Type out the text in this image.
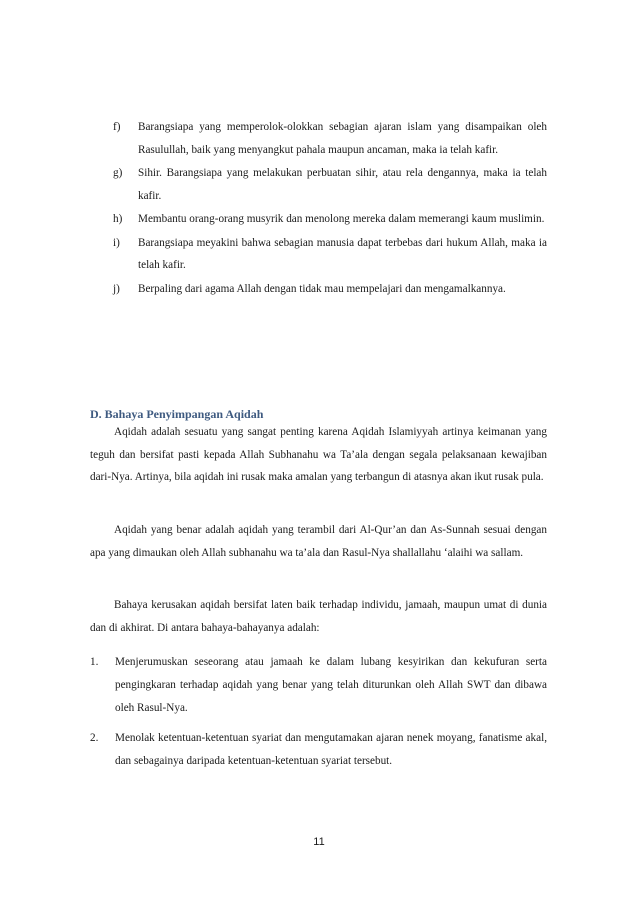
f)	Barangsiapa yang memperolok-olokkan sebagian ajaran islam yang disampaikan oleh Rasulullah, baik yang menyangkut pahala maupun ancaman, maka ia telah kafir.
g)	Sihir. Barangsiapa yang melakukan perbuatan sihir, atau rela dengannya, maka ia telah kafir.
h)	Membantu orang-orang musyrik dan menolong mereka dalam memerangi kaum muslimin.
i)	Barangsiapa meyakini bahwa sebagian manusia dapat terbebas dari hukum Allah, maka ia telah kafir.
j)	Berpaling dari agama Allah dengan tidak mau mempelajari dan mengamalkannya.
D. Bahaya Penyimpangan Aqidah
Aqidah adalah sesuatu yang sangat penting karena Aqidah Islamiyyah artinya keimanan yang teguh dan bersifat pasti kepada Allah Subhanahu wa Ta’ala dengan segala pelaksanaan kewajiban dari-Nya. Artinya, bila aqidah ini rusak maka amalan yang terbangun di atasnya akan ikut rusak pula.
Aqidah yang benar adalah aqidah yang terambil dari Al-Qur’an dan As-Sunnah sesuai dengan apa yang dimaukan oleh Allah subhanahu wa ta’ala dan Rasul-Nya shallallahu ‘alaihi wa sallam.
Bahaya kerusakan aqidah bersifat laten baik terhadap individu, jamaah, maupun umat di dunia dan di akhirat. Di antara bahaya-bahayanya adalah:
1. Menjerumuskan seseorang atau jamaah ke dalam lubang kesyirikan dan kekufuran serta pengingkaran terhadap aqidah yang benar yang telah diturunkan oleh Allah SWT dan dibawa oleh Rasul-Nya.
2. Menolak ketentuan-ketentuan syariat dan mengutamakan ajaran nenek moyang, fanatisme akal, dan sebagainya daripada ketentuan-ketentuan syariat tersebut.
11
